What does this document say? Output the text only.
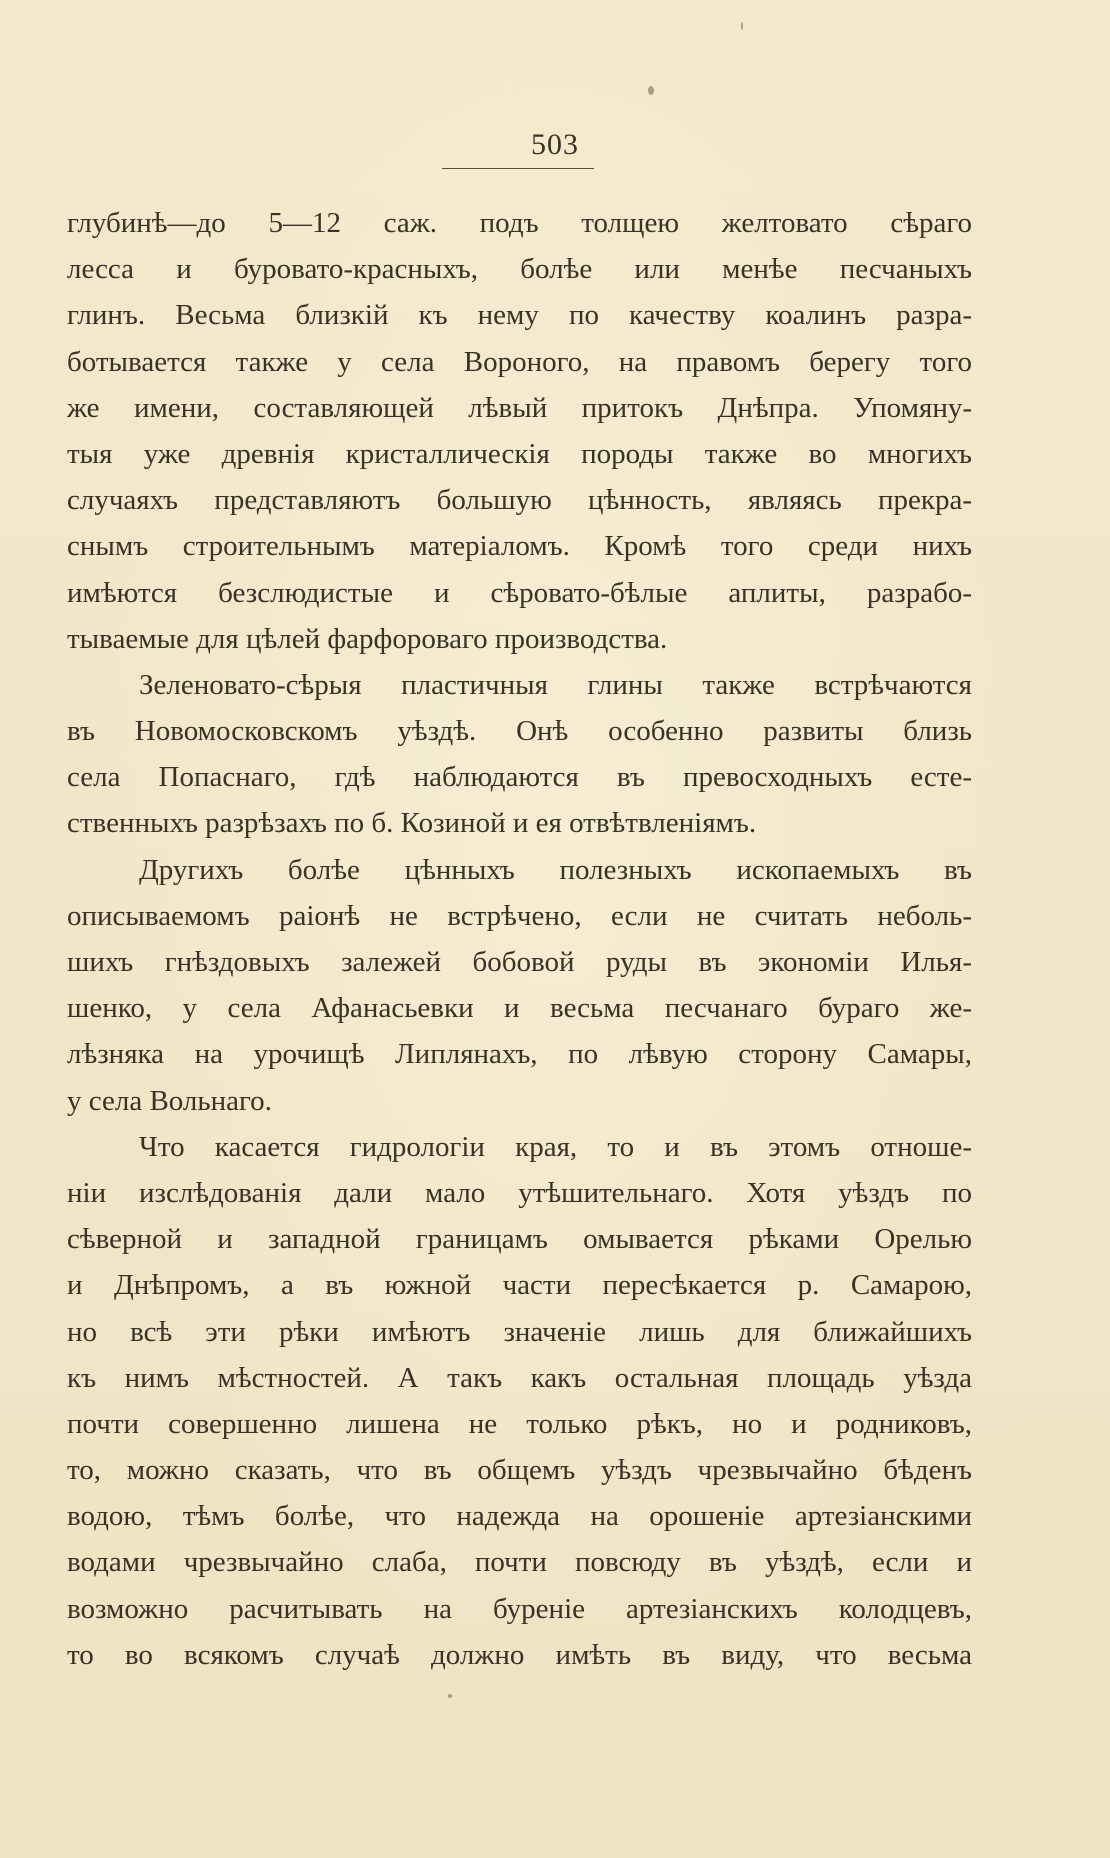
503
глубинѣ—до 5—12 саж. подъ толщею желтовато сѣраго
лесса и буровато-красныхъ, болѣе или менѣе песчаныхъ
глинъ. Весьма близкій къ нему по качеству коалинъ разра-
ботывается также у села Вороного, на правомъ берегу того
же имени, составляющей лѣвый притокъ Днѣпра. Упомяну-
тыя уже древнія кристаллическія породы также во многихъ
случаяхъ представляютъ большую цѣнность, являясь прекра-
снымъ строительнымъ матеріаломъ. Кромѣ того среди нихъ
имѣются безслюдистые и сѣровато-бѣлые аплиты, разрабо-
тываемые для цѣлей фарфороваго производства.
Зеленовато-сѣрыя пластичныя глины также встрѣчаются
въ Новомосковскомъ уѣздѣ. Онѣ особенно развиты близь
села Попаснаго, гдѣ наблюдаются въ превосходныхъ есте-
ственныхъ разрѣзахъ по б. Козиной и ея отвѣтвленіямъ.
Другихъ болѣе цѣнныхъ полезныхъ ископаемыхъ въ
описываемомъ раіонѣ не встрѣчено, если не считать неболь-
шихъ гнѣздовыхъ залежей бобовой руды въ экономіи Илья-
шенко, у села Афанасьевки и весьма песчанаго бураго же-
лѣзняка на урочищѣ Липлянахъ, по лѣвую сторону Самары,
у села Вольнаго.
Что касается гидрологіи края, то и въ этомъ отноше-
ніи изслѣдованія дали мало утѣшительнаго. Хотя уѣздъ по
сѣверной и западной границамъ омывается рѣками Орелью
и Днѣпромъ, а въ южной части пересѣкается р. Самарою,
но всѣ эти рѣки имѣютъ значеніе лишь для ближайшихъ
къ нимъ мѣстностей. А такъ какъ остальная площадь уѣзда
почти совершенно лишена не только рѣкъ, но и родниковъ,
то, можно сказать, что въ общемъ уѣздъ чрезвычайно бѣденъ
водою, тѣмъ болѣе, что надежда на орошеніе артезіанскими
водами чрезвычайно слаба, почти повсюду въ уѣздѣ, если и
возможно расчитывать на буреніе артезіанскихъ колодцевъ,
то во всякомъ случаѣ должно имѣть въ виду, что весьма
